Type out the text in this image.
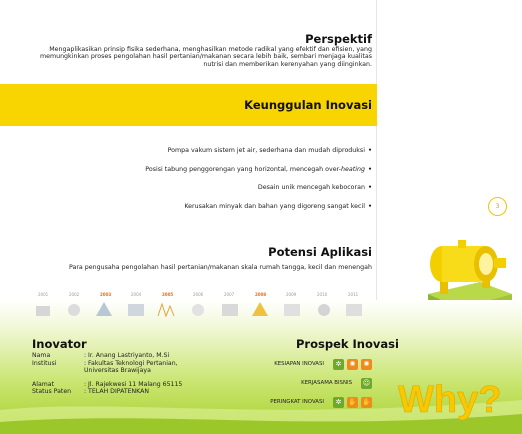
Perspektif
Mengaplikasikan prinsip fisika sederhana, menghasilkan metode radikal yang efektif dan efisien, yang
memungkinkan proses pengolahan hasil pertanian/makanan secara lebih baik, sembari menjaga kualitas
nutrisi dan memberikan kerenyahan yang diinginkan.
Keunggulan Inovasi
Pompa vakum sistem jet air, sederhana dan mudah diproduksi •
Posisi tabung penggorengan yang horizontal, mencegah over-heating •
Desain unik mencegah kebocoran •
Kerusakan minyak dan bahan yang digoreng sangat kecil •	3
Potensi Aplikasi
Para pengusaha pengolahan hasil pertanian/makanan skala rumah tangga, kecil dan menengah
2001	2002	2003	2004	2005	2006	2007	2008	2009	2010	2011
Inovator
Nama	: Ir. Anang Lastriyanto, M.Si
Institusi	: Fakultas Teknologi Pertanian,
Universitas Brawijaya
Alamat	: Jl. Rajekwesi 11 Malang 65115
Status Paten	: TELAH DIPATENKAN
Prospek Inovasi
KESIAPAN INOVASI	✲	✺	✺
KERJASAMA BISNIS ☺
PERINGKAT INOVASI	✲ ✋ ✋ Why?
